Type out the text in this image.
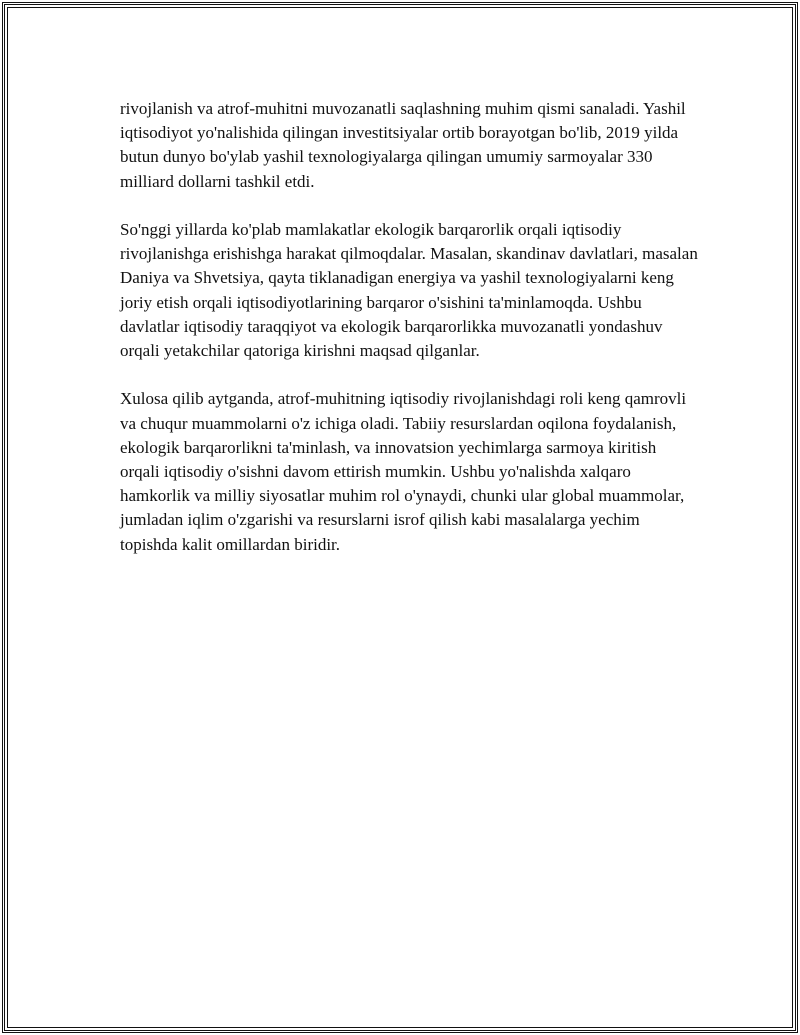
rivojlanish va atrof-muhitni muvozanatli saqlashning muhim qismi sanaladi. Yashil iqtisodiyot yo'nalishida qilingan investitsiyalar ortib borayotgan bo'lib, 2019 yilda butun dunyo bo'ylab yashil texnologiyalarga qilingan umumiy sarmoyalar 330 milliard dollarni tashkil etdi.

So'nggi yillarda ko'plab mamlakatlar ekologik barqarorlik orqali iqtisodiy rivojlanishga erishishga harakat qilmoqdalar. Masalan, skandinav davlatlari, masalan Daniya va Shvetsiya, qayta tiklanadigan energiya va yashil texnologiyalarni keng joriy etish orqali iqtisodiyotlarining barqaror o'sishini ta'minlamoqda. Ushbu davlatlar iqtisodiy taraqqiyot va ekologik barqarorlikka muvozanatli yondashuv orqali yetakchilar qatoriga kirishni maqsad qilganlar.

Xulosa qilib aytganda, atrof-muhitning iqtisodiy rivojlanishdagi roli keng qamrovli va chuqur muammolarni o'z ichiga oladi. Tabiiy resurslardan oqilona foydalanish, ekologik barqarorlikni ta'minlash, va innovatsion yechimlarga sarmoya kiritish orqali iqtisodiy o'sishni davom ettirish mumkin. Ushbu yo'nalishda xalqaro hamkorlik va milliy siyosatlar muhim rol o'ynaydi, chunki ular global muammolar, jumladan iqlim o'zgarishi va resurslarni isrof qilish kabi masalalarga yechim topishda kalit omillardan biridir.
